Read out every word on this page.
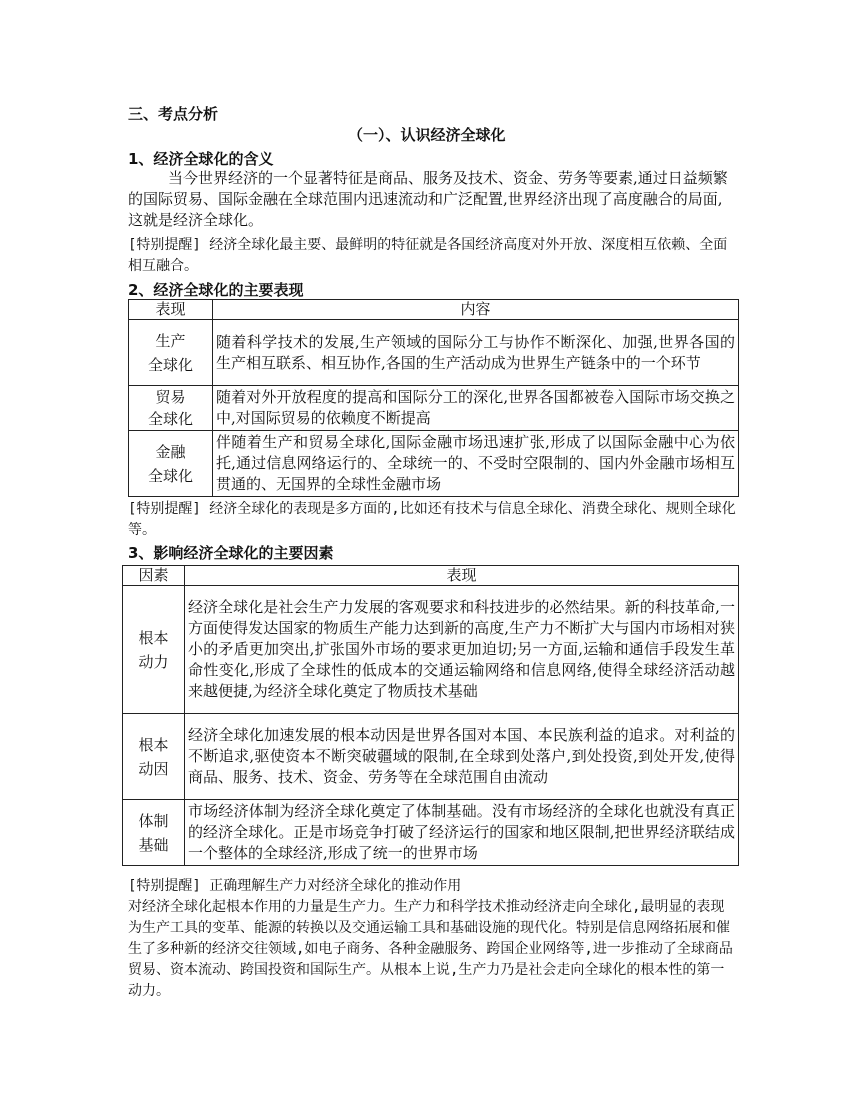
三、考点分析
（一）、认识经济全球化
1、经济全球化的含义
当今世界经济的一个显著特征是商品、服务及技术、资金、劳务等要素,通过日益频繁的国际贸易、国际金融在全球范围内迅速流动和广泛配置,世界经济出现了高度融合的局面,这就是经济全球化。
[特别提醒] 经济全球化最主要、最鲜明的特征就是各国经济高度对外开放、深度相互依赖、全面相互融合。
2、经济全球化的主要表现
表现	内容
生产
全球化	随着科学技术的发展,生产领域的国际分工与协作不断深化、加强,世界各国的生产相互联系、相互协作,各国的生产活动成为世界生产链条中的一个环节
贸易
全球化	随着对外开放程度的提高和国际分工的深化,世界各国都被卷入国际市场交换之中,对国际贸易的依赖度不断提高
金融
全球化	伴随着生产和贸易全球化,国际金融市场迅速扩张,形成了以国际金融中心为依托,通过信息网络运行的、全球统一的、不受时空限制的、国内外金融市场相互贯通的、无国界的全球性金融市场
[特别提醒] 经济全球化的表现是多方面的,比如还有技术与信息全球化、消费全球化、规则全球化等。
3、影响经济全球化的主要因素
因素	表现
根本
动力	经济全球化是社会生产力发展的客观要求和科技进步的必然结果。新的科技革命,一方面使得发达国家的物质生产能力达到新的高度,生产力不断扩大与国内市场相对狭小的矛盾更加突出,扩张国外市场的要求更加迫切;另一方面,运输和通信手段发生革命性变化,形成了全球性的低成本的交通运输网络和信息网络,使得全球经济活动越来越便捷,为经济全球化奠定了物质技术基础
根本
动因	经济全球化加速发展的根本动因是世界各国对本国、本民族利益的追求。对利益的不断追求,驱使资本不断突破疆域的限制,在全球到处落户,到处投资,到处开发,使得商品、服务、技术、资金、劳务等在全球范围自由流动
体制
基础	市场经济体制为经济全球化奠定了体制基础。没有市场经济的全球化也就没有真正的经济全球化。正是市场竞争打破了经济运行的国家和地区限制,把世界经济联结成一个整体的全球经济,形成了统一的世界市场
[特别提醒] 正确理解生产力对经济全球化的推动作用
对经济全球化起根本作用的力量是生产力。生产力和科学技术推动经济走向全球化,最明显的表现为生产工具的变革、能源的转换以及交通运输工具和基础设施的现代化。特别是信息网络拓展和催生了多种新的经济交往领域,如电子商务、各种金融服务、跨国企业网络等,进一步推动了全球商品贸易、资本流动、跨国投资和国际生产。从根本上说,生产力乃是社会走向全球化的根本性的第一动力。
